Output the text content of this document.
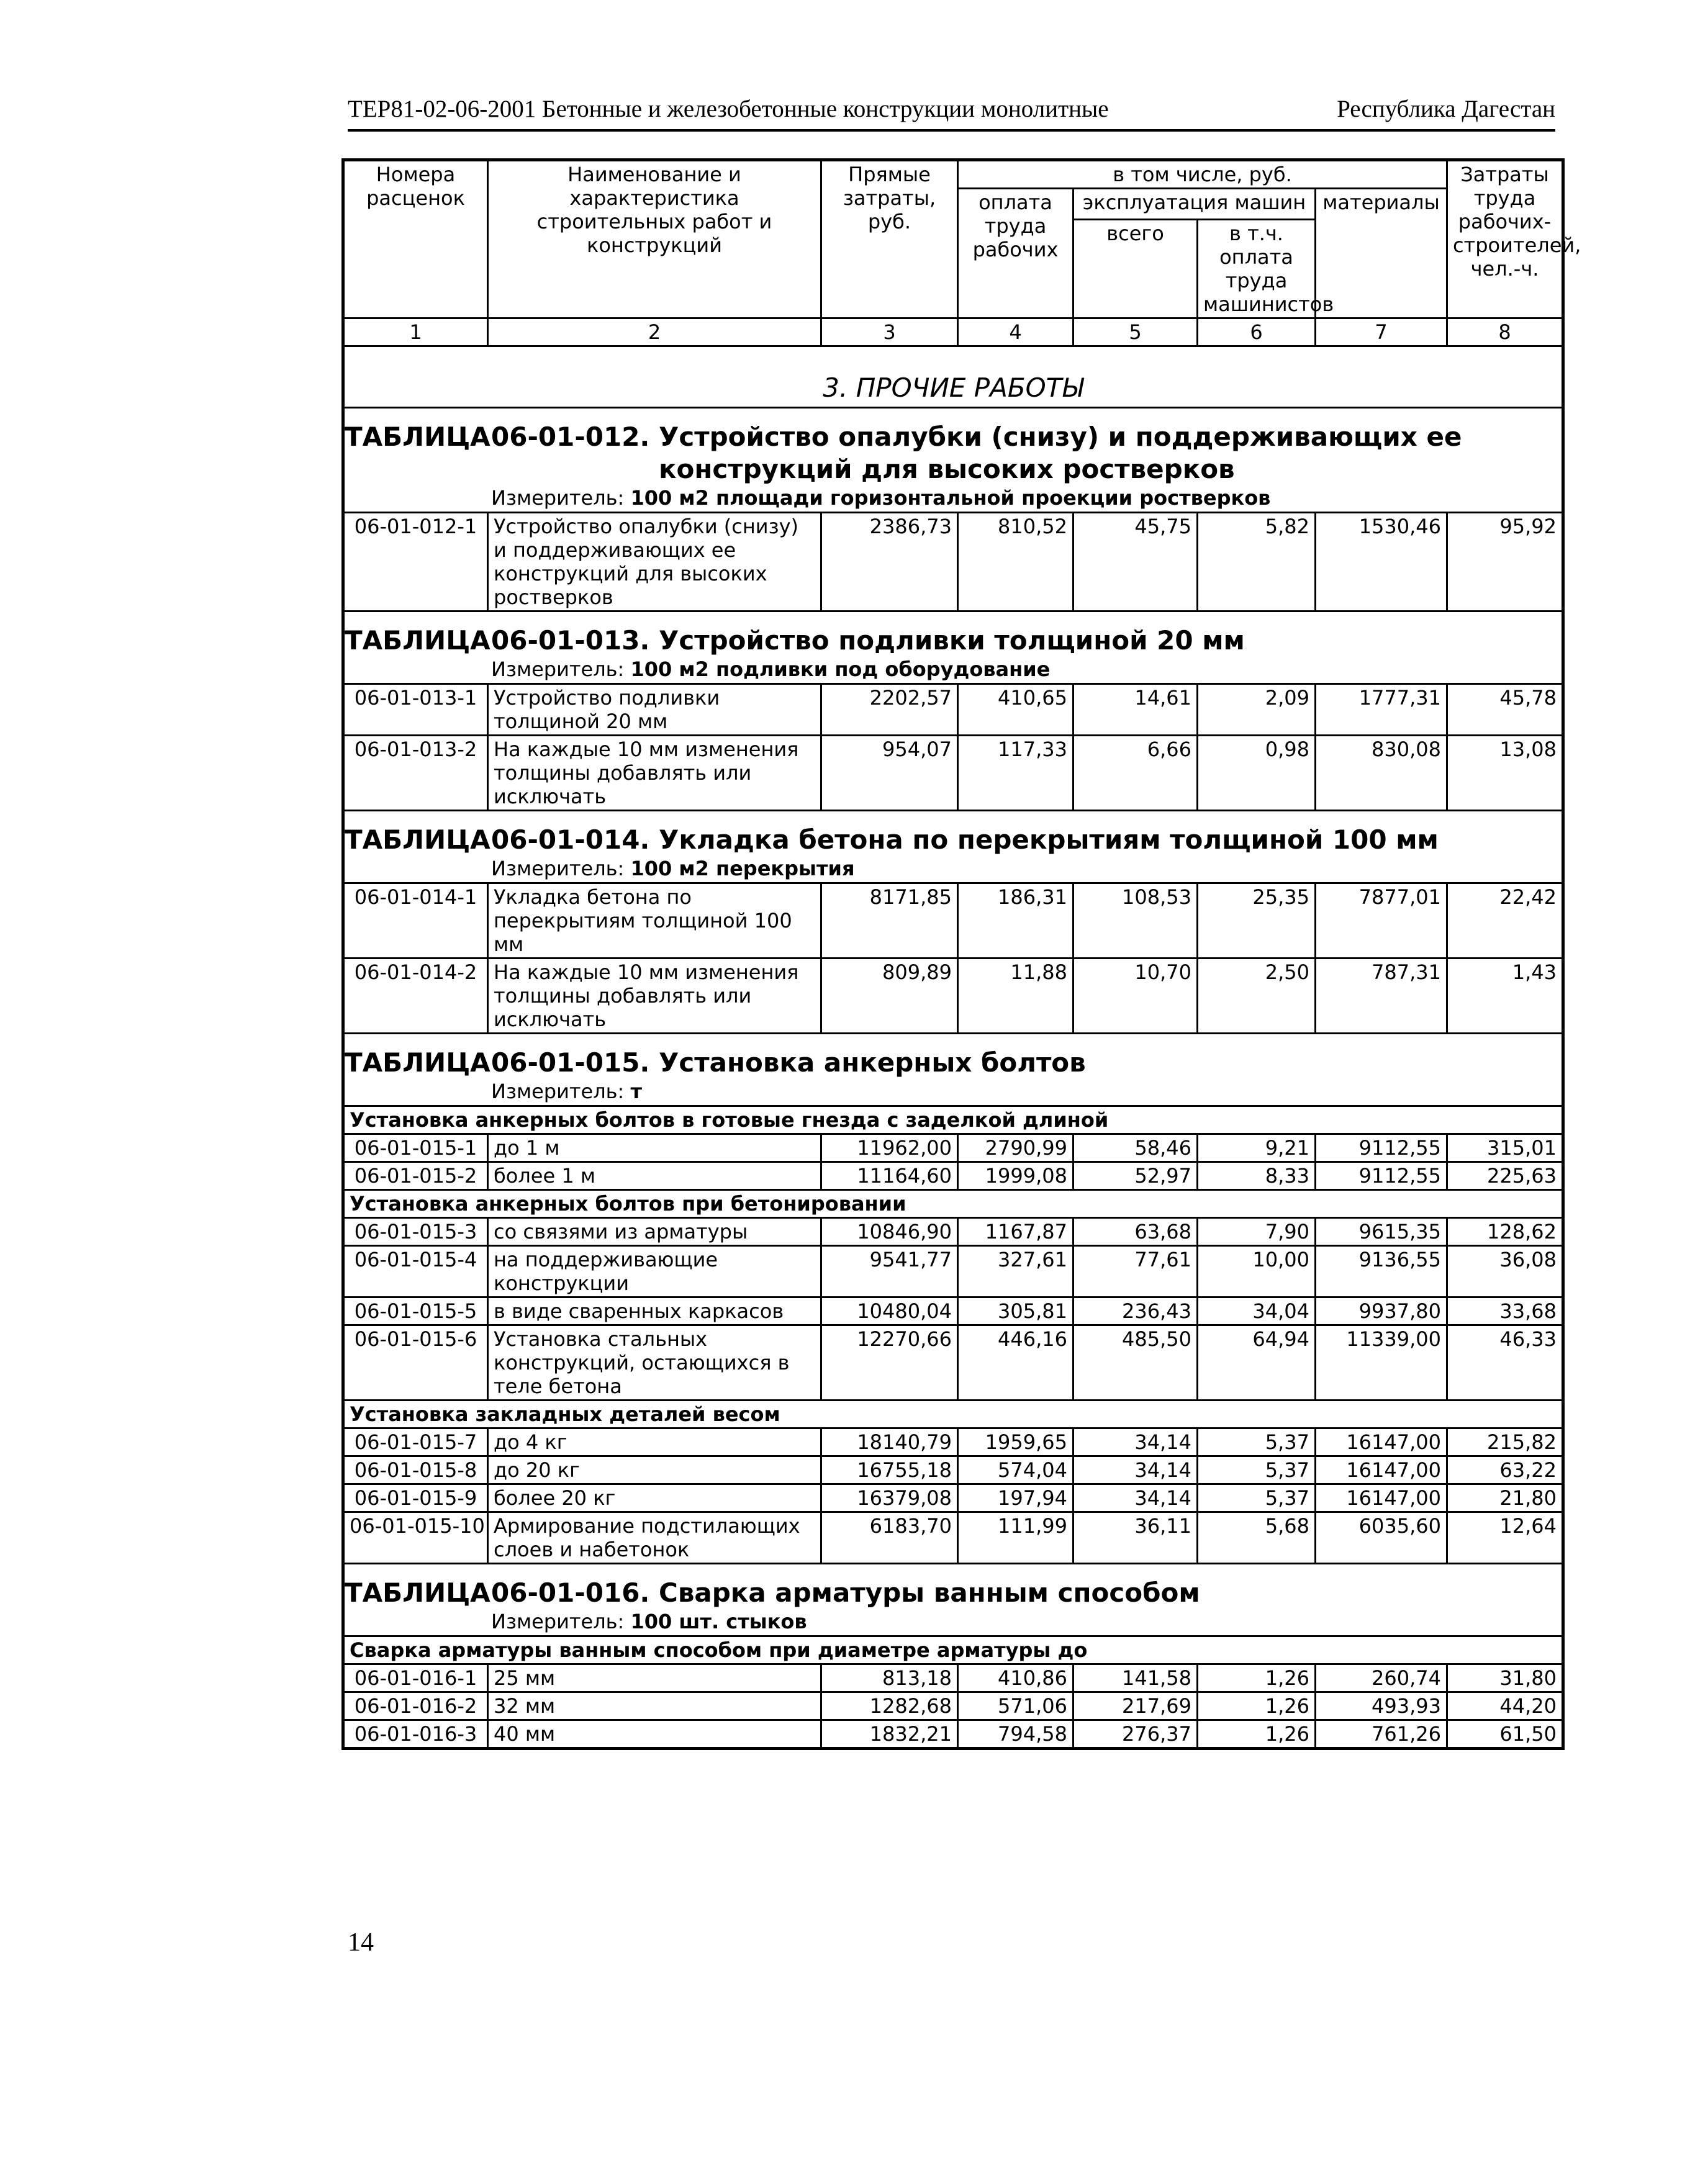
ТЕР81-02-06-2001 Бетонные и железобетонные конструкции монолитные	Республика Дагестан
Номера расценок	Наименование и характеристика строительных работ и конструкций	Прямые затраты, руб.	в том числе, руб.				Затраты труда рабочих-строителей, чел.-ч.
			оплата труда рабочих	эксплуатация машин		материалы	
				всего	в т.ч. оплата труда машинистов		
1	2	3	4	5	6	7	8

3. ПРОЧИЕ РАБОТЫ							

ТАБЛИЦА 06-01-012. Устройство опалубки (снизу) и поддерживающих ее конструкций для высоких ростверков
Измеритель: 100 м2 площади горизонтальной проекции ростверков							

06-01-012-1	Устройство опалубки (снизу) и поддерживающих ее конструкций для высоких ростверков	2386,73	810,52	45,75	5,82	1530,46	95,92

ТАБЛИЦА 06-01-013. Устройство подливки толщиной 20 мм
Измеритель: 100 м2 подливки под оборудование							

06-01-013-1	Устройство подливки толщиной 20 мм	2202,57	410,65	14,61	2,09	1777,31	45,78
06-01-013-2	На каждые 10 мм изменения толщины добавлять или исключать	954,07	117,33	6,66	0,98	830,08	13,08

ТАБЛИЦА 06-01-014. Укладка бетона по перекрытиям толщиной 100 мм
Измеритель: 100 м2 перекрытия							

06-01-014-1	Укладка бетона по перекрытиям толщиной 100 мм	8171,85	186,31	108,53	25,35	7877,01	22,42
06-01-014-2	На каждые 10 мм изменения толщины добавлять или исключать	809,89	11,88	10,70	2,50	787,31	1,43

ТАБЛИЦА 06-01-015. Установка анкерных болтов
Измеритель: т							

Установка анкерных болтов в готовые гнезда с заделкой длиной							
06-01-015-1	до 1 м	11962,00	2790,99	58,46	9,21	9112,55	315,01
06-01-015-2	более 1 м	11164,60	1999,08	52,97	8,33	9112,55	225,63
Установка анкерных болтов при бетонировании							
06-01-015-3	со связями из арматуры	10846,90	1167,87	63,68	7,90	9615,35	128,62
06-01-015-4	на поддерживающие конструкции	9541,77	327,61	77,61	10,00	9136,55	36,08
06-01-015-5	в виде сваренных каркасов	10480,04	305,81	236,43	34,04	9937,80	33,68
06-01-015-6	Установка стальных конструкций, остающихся в теле бетона	12270,66	446,16	485,50	64,94	11339,00	46,33
Установка закладных деталей весом							
06-01-015-7	до 4 кг	18140,79	1959,65	34,14	5,37	16147,00	215,82
06-01-015-8	до 20 кг	16755,18	574,04	34,14	5,37	16147,00	63,22
06-01-015-9	более 20 кг	16379,08	197,94	34,14	5,37	16147,00	21,80
06-01-015-10	Армирование подстилающих слоев и набетонок	6183,70	111,99	36,11	5,68	6035,60	12,64

ТАБЛИЦА 06-01-016. Сварка арматуры ванным способом
Измеритель: 100 шт. стыков							

Сварка арматуры ванным способом при диаметре арматуры до							
06-01-016-1	25 мм	813,18	410,86	141,58	1,26	260,74	31,80
06-01-016-2	32 мм	1282,68	571,06	217,69	1,26	493,93	44,20
06-01-016-3	40 мм	1832,21	794,58	276,37	1,26	761,26	61,50
14
